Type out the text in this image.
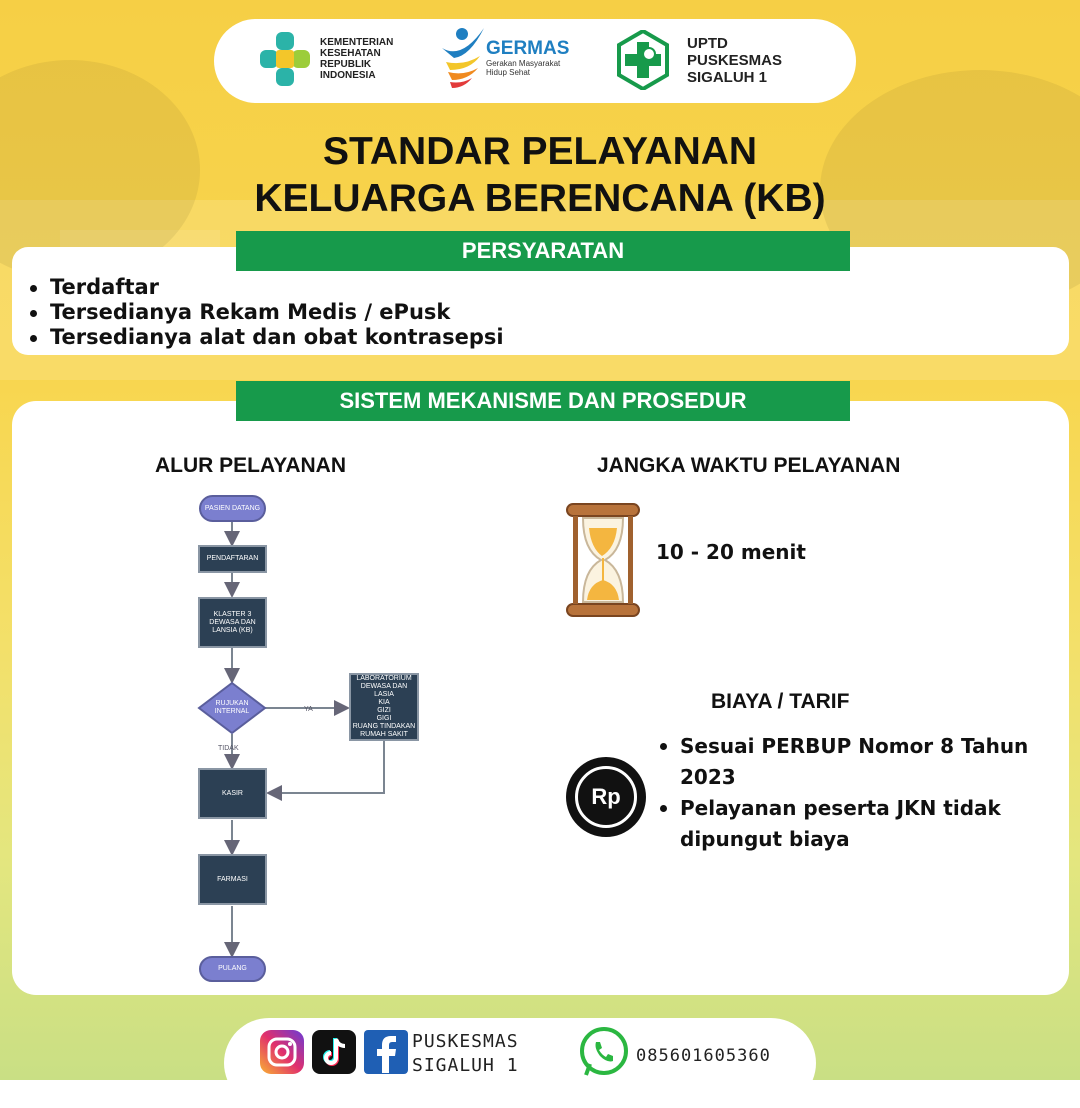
KEMENTERIAN
KESEHATAN
REPUBLIK
INDONESIA
GERMAS
Gerakan Masyarakat
Hidup Sehat
UPTD
PUSKESMAS
SIGALUH 1
STANDAR PELAYANAN
KELUARGA BERENCANA (KB)
PERSYARATAN
Terdaftar
Tersedianya Rekam Medis / ePusk
Tersedianya alat dan obat kontrasepsi
SISTEM MEKANISME DAN PROSEDUR
ALUR PELAYANAN	JANGKA WAKTU PELAYANAN
BIAYA / TARIF
PASIEN DATANG
PENDAFTARAN
KLASTER 3 DEWASA DAN LANSIA (KB)
RUJUKAN INTERNAL
LABORATORIUM
DEWASA DAN LASIA
KIA
GIZI
GIGI
RUANG TINDAKAN
RUMAH SAKIT
YA
TIDAK
KASIR
FARMASI
PULANG
10 - 20 menit
Rp
Sesuai PERBUP Nomor 8 Tahun 2023
Pelayanan peserta JKN tidak dipungut biaya
PUSKESMAS
SIGALUH 1	085601605360
